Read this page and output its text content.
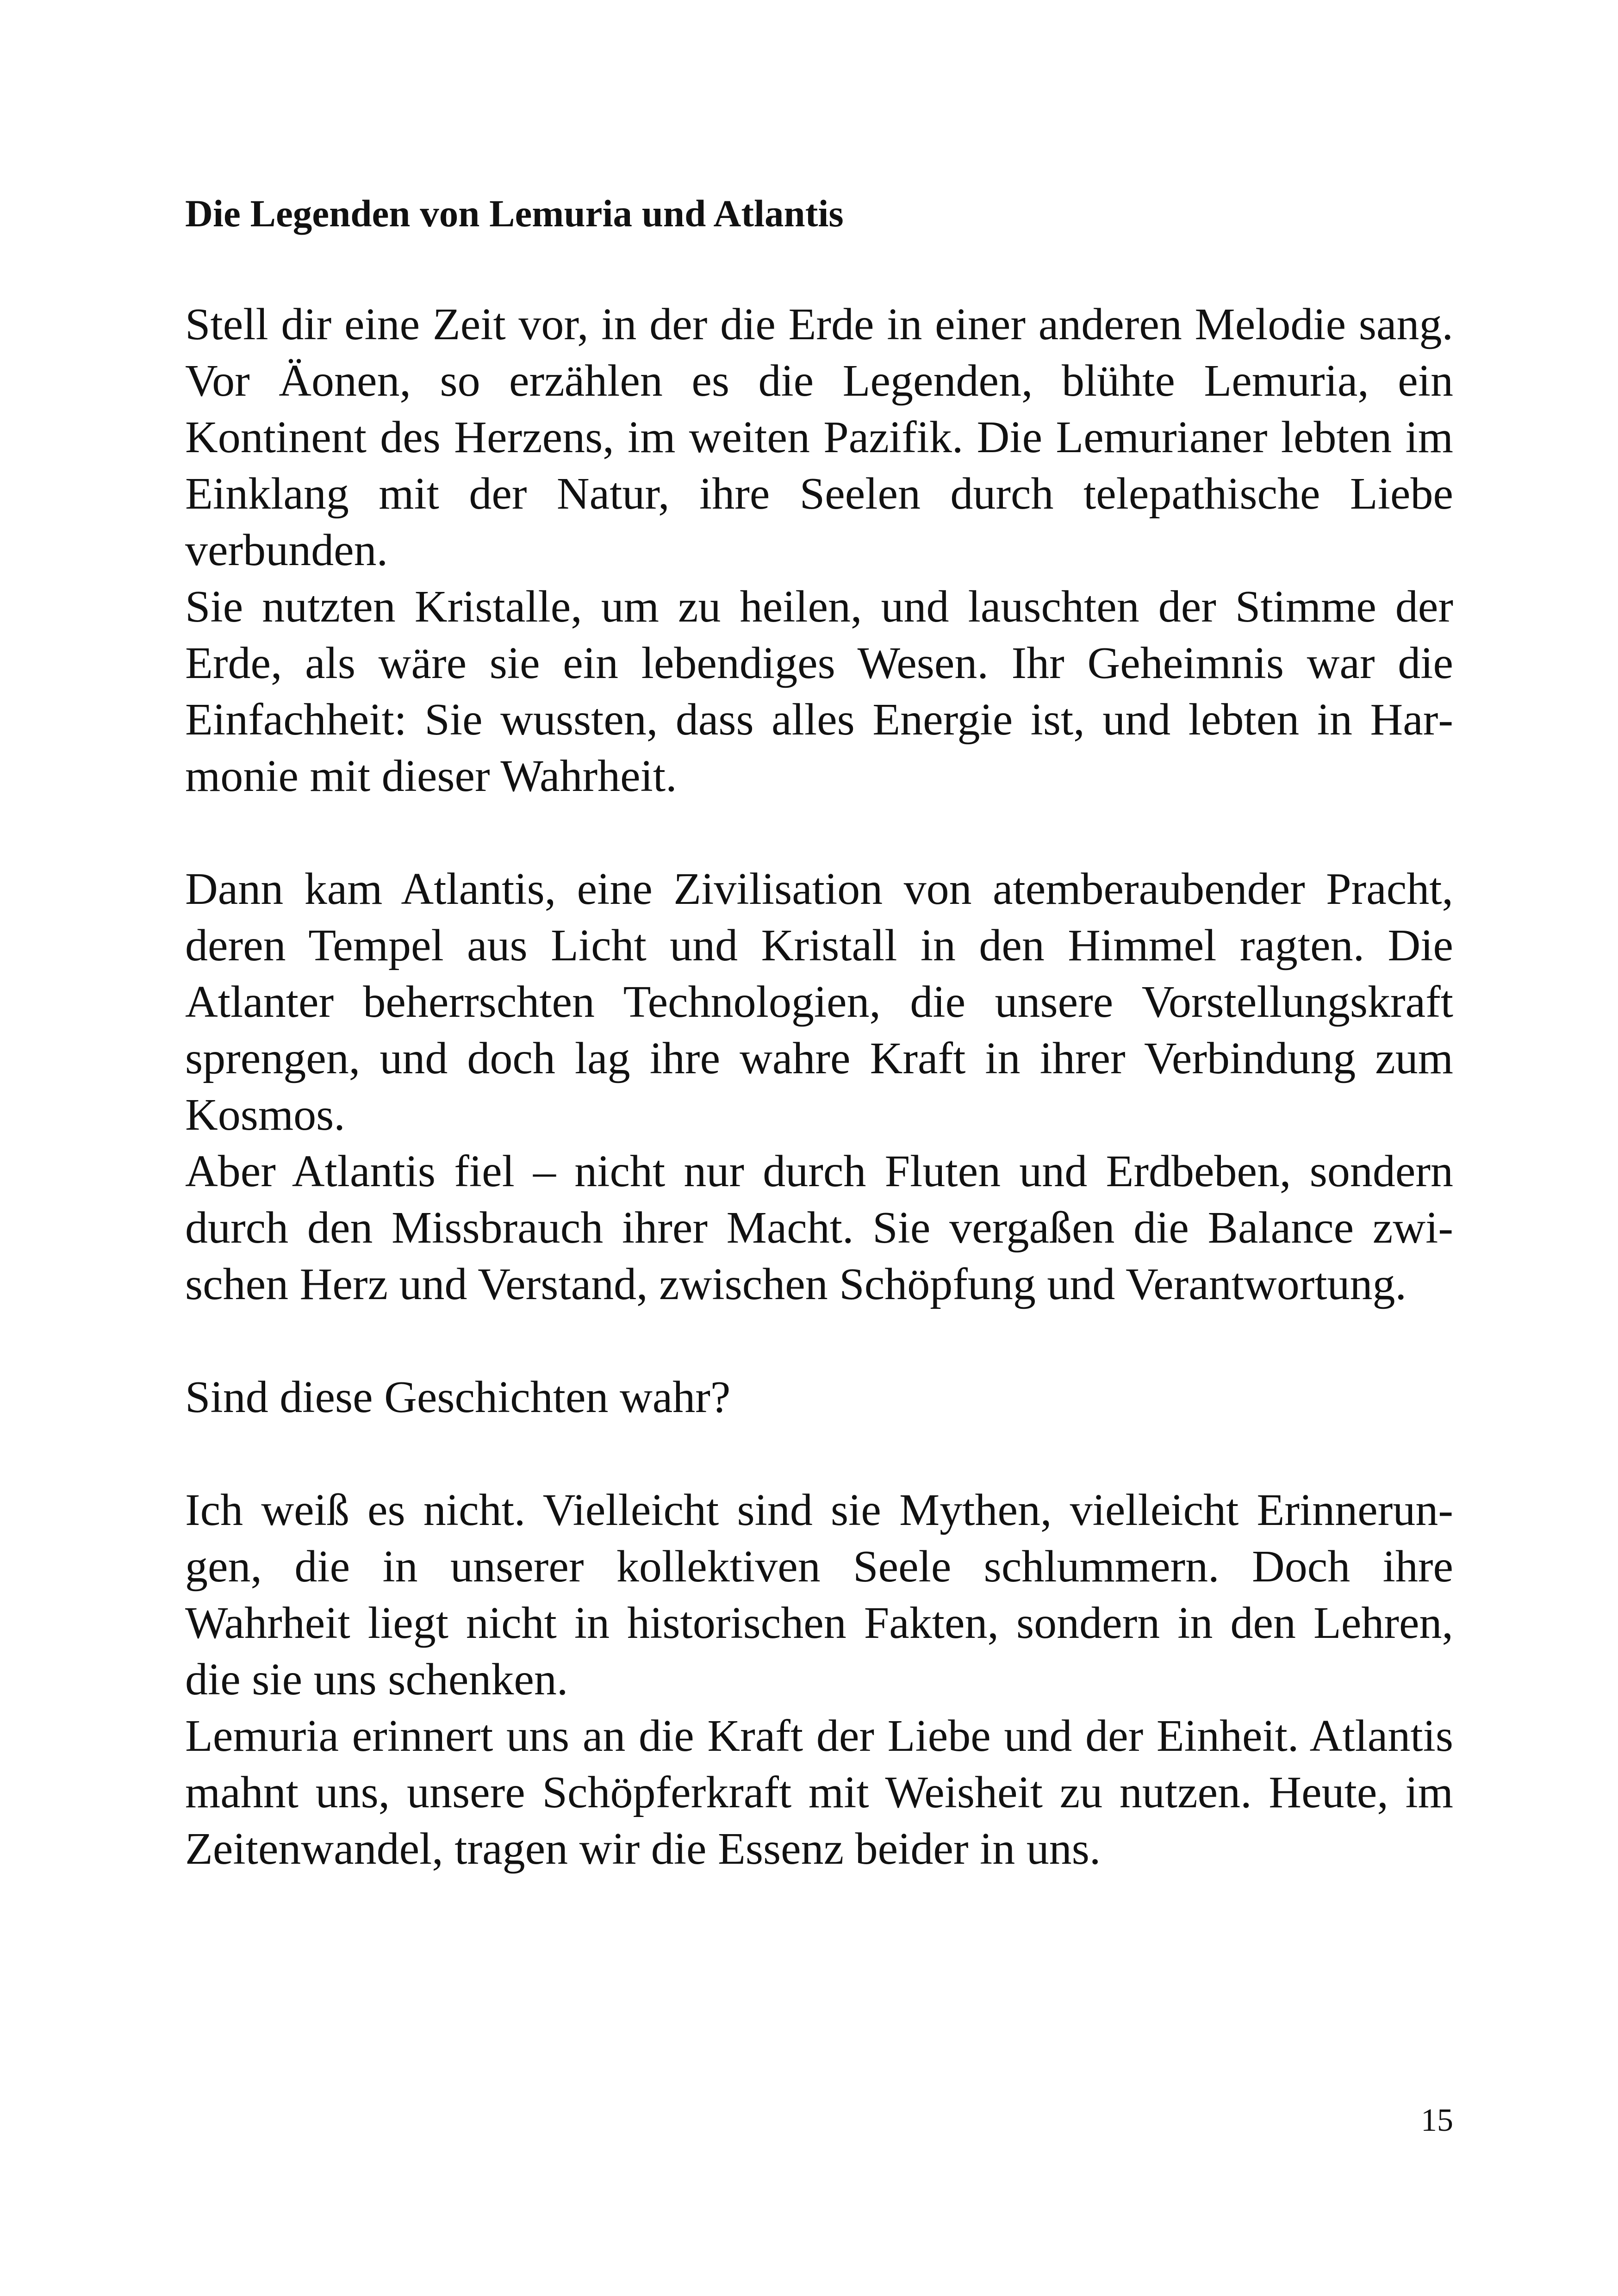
Die Legenden von Lemuria und Atlantis

Stell dir eine Zeit vor, in der die Erde in einer anderen Melodie sang. Vor Äonen, so erzählen es die Legenden, blühte Lemuria, ein Kontinent des Herzens, im weiten Pazifik. Die Lemurianer lebten im Einklang mit der Natur, ihre Seelen durch telepathische Liebe verbunden.

Sie nutzten Kristalle, um zu heilen, und lauschten der Stimme der Erde, als wäre sie ein lebendiges Wesen. Ihr Geheimnis war die Einfachheit: Sie wussten, dass alles Energie ist, und lebten in Harmonie mit dieser Wahrheit.

Dann kam Atlantis, eine Zivilisation von atemberaubender Pracht, deren Tempel aus Licht und Kristall in den Himmel ragten. Die Atlanter beherrschten Technologien, die unsere Vorstellungskraft sprengen, und doch lag ihre wahre Kraft in ihrer Verbindung zum Kosmos.

Aber Atlantis fiel – nicht nur durch Fluten und Erdbeben, sondern durch den Missbrauch ihrer Macht. Sie vergaßen die Balance zwischen Herz und Verstand, zwischen Schöpfung und Verantwortung.

Sind diese Geschichten wahr?

Ich weiß es nicht. Vielleicht sind sie Mythen, vielleicht Erinnerungen, die in unserer kollektiven Seele schlummern. Doch ihre Wahrheit liegt nicht in historischen Fakten, sondern in den Lehren, die sie uns schenken.

Lemuria erinnert uns an die Kraft der Liebe und der Einheit. Atlantis mahnt uns, unsere Schöpferkraft mit Weisheit zu nutzen. Heute, im Zeitenwandel, tragen wir die Essenz beider in uns.

15
